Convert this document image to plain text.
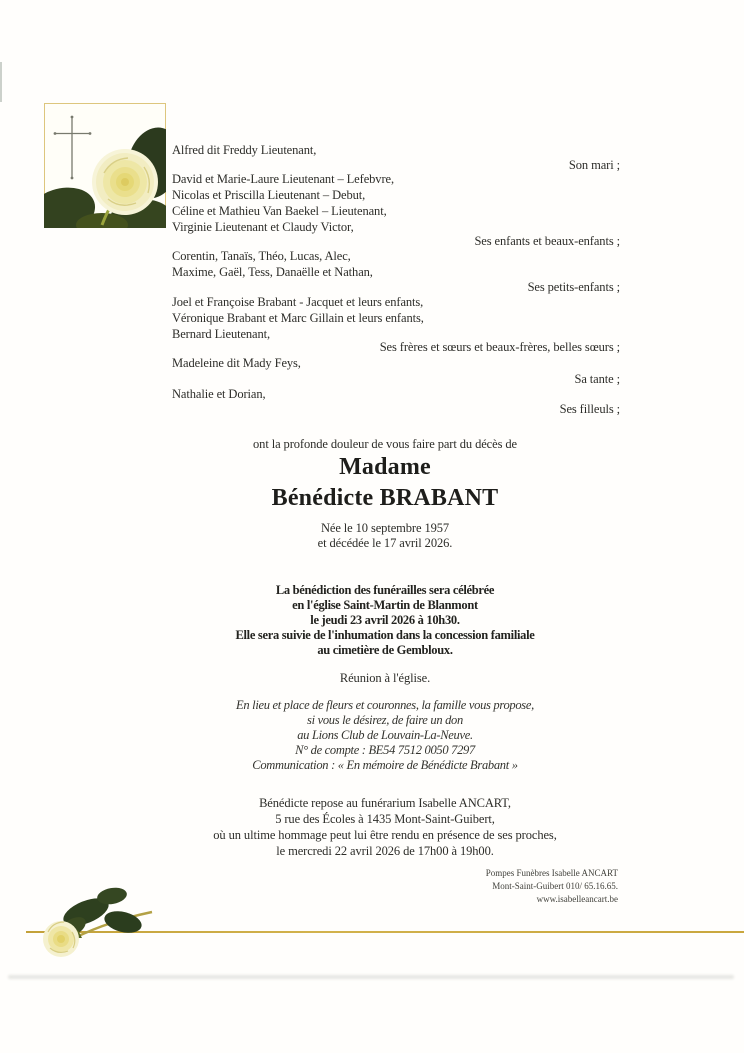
Alfred dit Freddy Lieutenant,
Son mari ;
David et Marie-Laure Lieutenant – Lefebvre,
Nicolas et Priscilla Lieutenant – Debut,
Céline et Mathieu Van Baekel – Lieutenant,
Virginie Lieutenant et Claudy Victor,
Ses enfants et beaux-enfants ;
Corentin, Tanaïs, Théo, Lucas, Alec,
Maxime, Gaël, Tess, Danaëlle et Nathan,
Ses petits-enfants ;
Joel et Françoise Brabant - Jacquet et leurs enfants,
Véronique Brabant et Marc Gillain et leurs enfants,
Bernard Lieutenant,
Ses frères et sœurs et beaux-frères, belles sœurs ;
Madeleine dit Mady Feys,
Sa tante ;
Nathalie et Dorian,
Ses filleuls ;
ont la profonde douleur de vous faire part du décès de
Madame
Bénédicte BRABANT
Née le 10 septembre 1957
et décédée le 17 avril 2026.
La bénédiction des funérailles sera célébrée
en l'église Saint-Martin de Blanmont
le jeudi 23 avril 2026 à 10h30.
Elle sera suivie de l'inhumation dans la concession familiale
au cimetière de Gembloux.
Réunion à l'église.
En lieu et place de fleurs et couronnes, la famille vous propose,
si vous le désirez, de faire un don
au Lions Club de Louvain-La-Neuve.
N° de compte : BE54 7512 0050 7297
Communication : « En mémoire de Bénédicte Brabant »
Bénédicte repose au funérarium Isabelle ANCART,
5 rue des Écoles à 1435 Mont-Saint-Guibert,
où un ultime hommage peut lui être rendu en présence de ses proches,
le mercredi 22 avril 2026 de 17h00 à 19h00.
Pompes Funèbres Isabelle ANCART
Mont-Saint-Guibert 010/ 65.16.65.
www.isabelleancart.be
